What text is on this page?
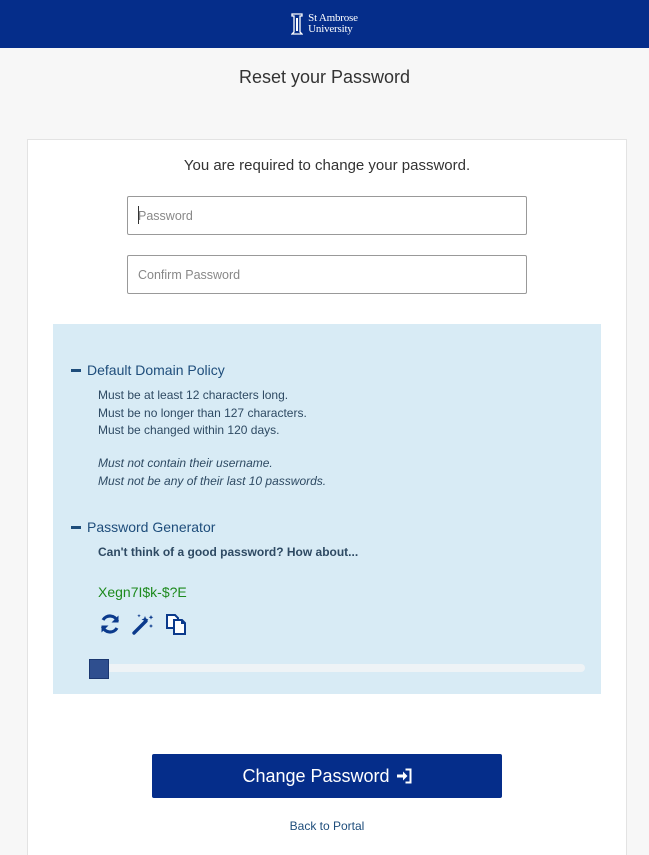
St Ambrose
University
Reset your Password

You are required to change your password.

Default Domain Policy
Must be at least 12 characters long.
Must be no longer than 127 characters.
Must be changed within 120 days.
Must not contain their username.
Must not be any of their last 10 passwords.
Password Generator
Can't think of a good password? How about...
Xegn7I$k-$?E
Change Password
Back to Portal
